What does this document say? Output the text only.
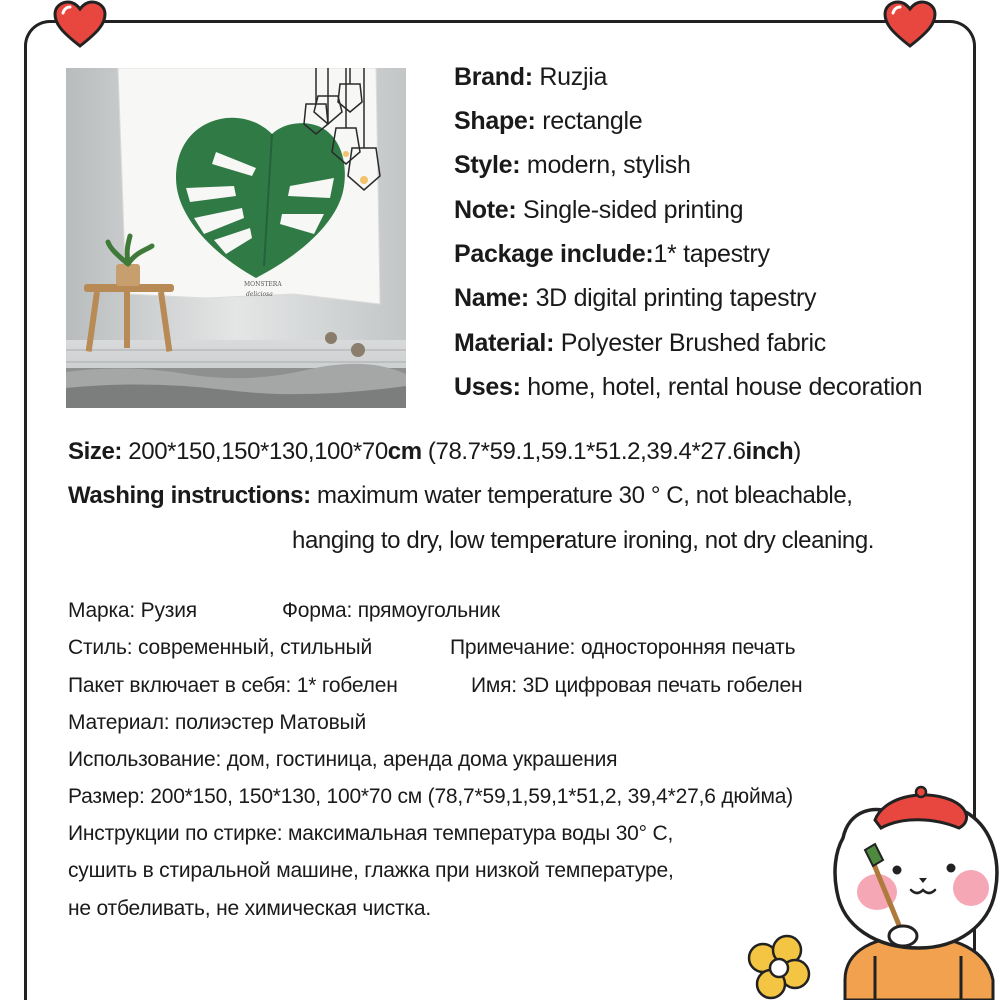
MONSTERA
deliciosa
Brand: Ruzjia
Shape: rectangle
Style: modern, stylish
Note: Single-sided printing
Package include:1* tapestry
Name: 3D digital printing tapestry
Material: Polyester Brushed fabric
Uses: home, hotel, rental house decoration
Size: 200*150,150*130,100*70cm (78.7*59.1,59.1*51.2,39.4*27.6inch)
Washing instructions: maximum water temperature 30 ° C, not bleachable,
hanging to dry, low temperature ironing, not dry cleaning.
Марка: Рузия	Форма: прямоугольник
Стиль: современный, стильный	Примечание: односторонняя печать
Пакет включает в себя: 1* гобелен	Имя: 3D цифровая печать гобелен
Материал: полиэстер Матовый
Использование: дом, гостиница, аренда дома украшения
Размер: 200*150, 150*130, 100*70 см (78,7*59,1,59,1*51,2, 39,4*27,6 дюйма)
Инструкции по стирке: максимальная температура воды 30° C,
сушить в стиральной машине, глажка при низкой температуре,
не отбеливать, не химическая чистка.
